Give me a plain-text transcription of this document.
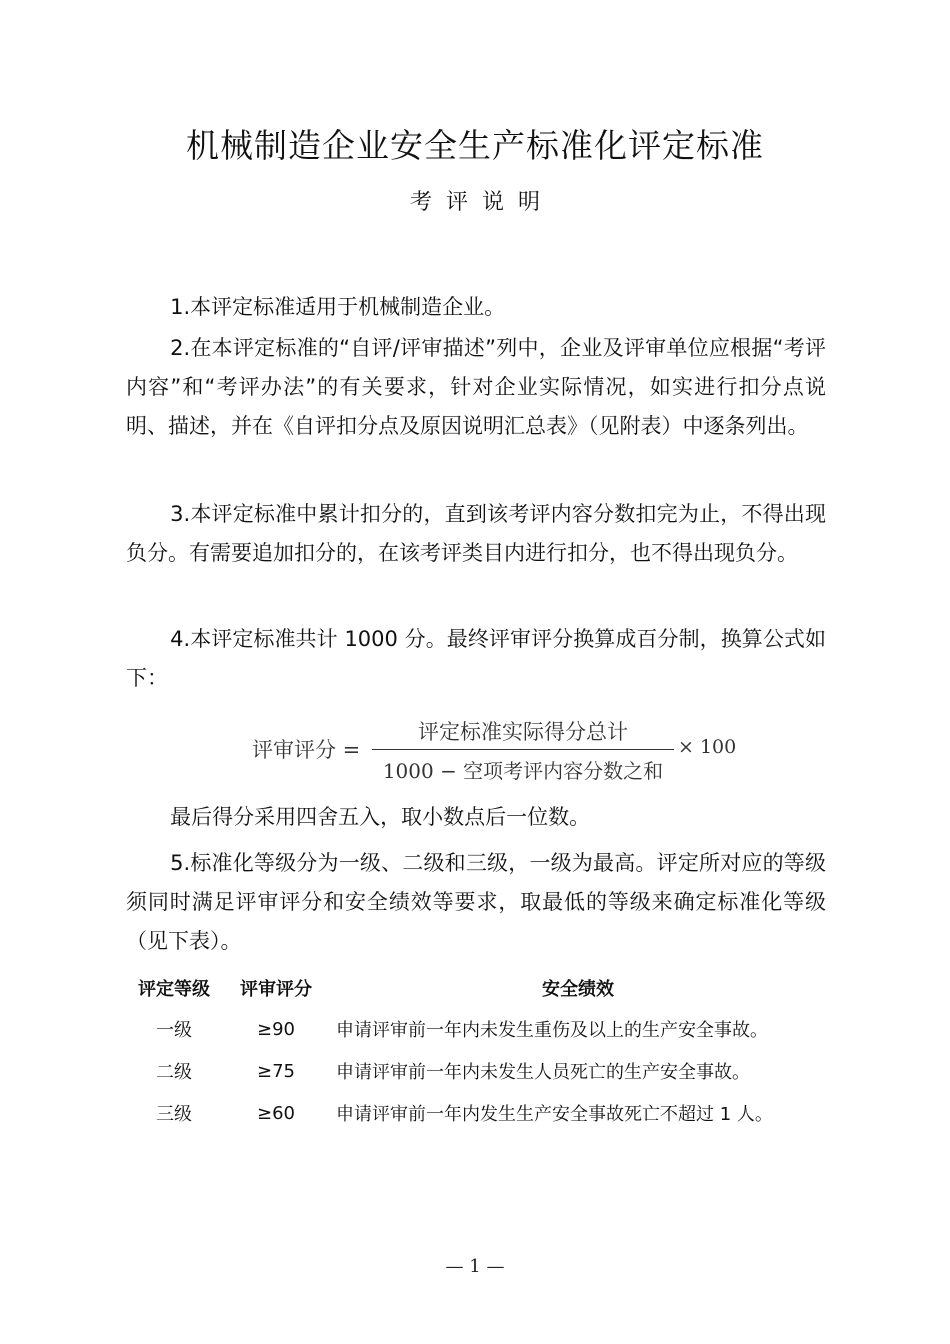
机械制造企业安全生产标准化评定标准
考评说明

1.本评定标准适用于机械制造企业。

2.在本评定标准的“自评/评审描述”列中，企业及评审单位应根据“考评内容”和“考评办法”的有关要求，针对企业实际情况，如实进行扣分点说明、描述，并在《自评扣分点及原因说明汇总表》（见附表）中逐条列出。

3.本评定标准中累计扣分的，直到该考评内容分数扣完为止，不得出现负分。有需要追加扣分的，在该考评类目内进行扣分，也不得出现负分。

4.本评定标准共计 1000 分。最终评审评分换算成百分制，换算公式如下：

评审评分 =
评定标准实际得分总计
1000 − 空项考评内容分数之和
× 100

最后得分采用四舍五入，取小数点后一位数。

5.标准化等级分为一级、二级和三级，一级为最高。评定所对应的等级须同时满足评审评分和安全绩效等要求，取最低的等级来确定标准化等级（见下表）。

评定等级	评审评分	安全绩效
一级	≥90	申请评审前一年内未发生重伤及以上的生产安全事故。
二级	≥75	申请评审前一年内未发生人员死亡的生产安全事故。
三级	≥60	申请评审前一年内发生生产安全事故死亡不超过 1 人。
— 1 —
